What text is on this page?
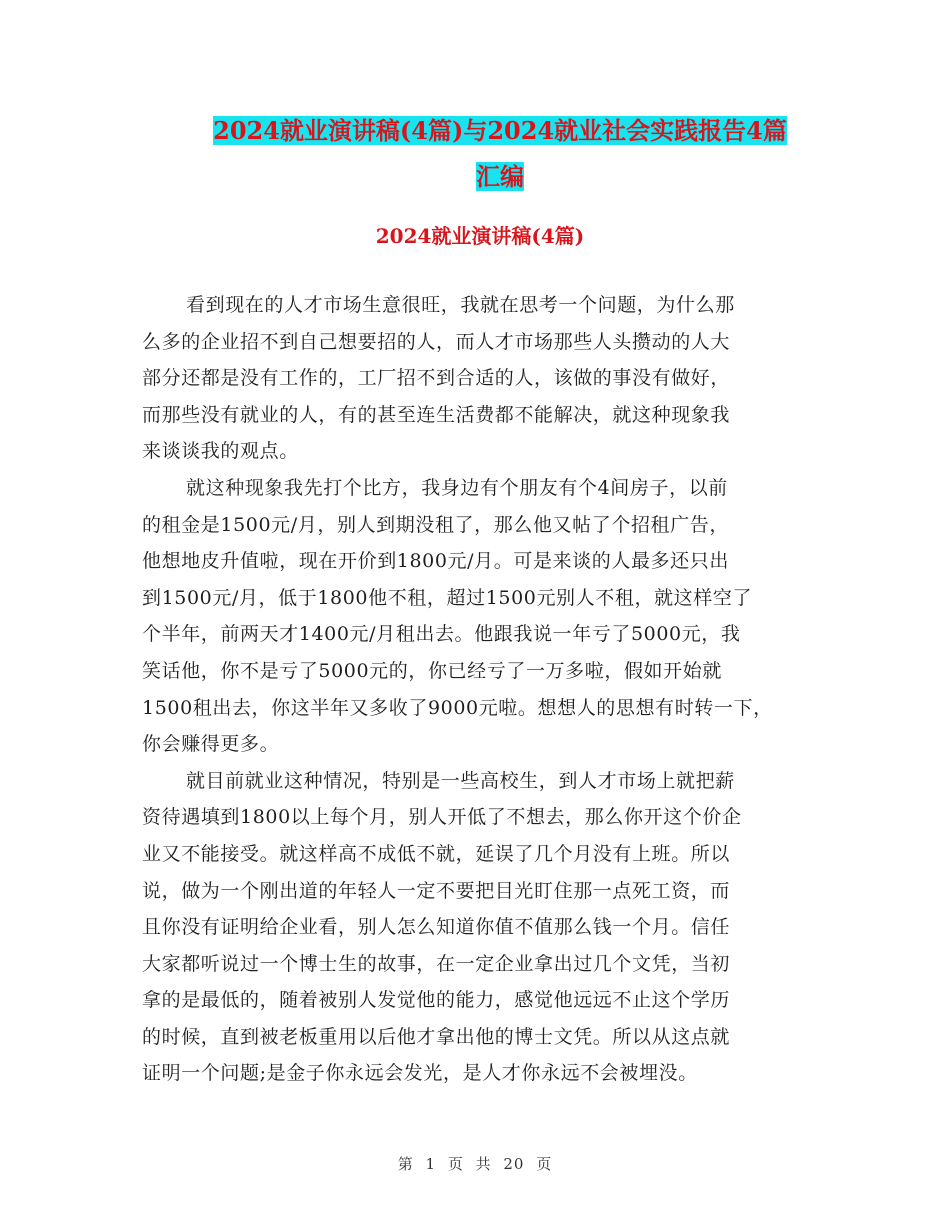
2024就业演讲稿(4篇)与2024就业社会实践报告4篇
汇编
2024就业演讲稿(4篇)

看到现在的人才市场生意很旺，我就在思考一个问题，为什么那
么多的企业招不到自己想要招的人，而人才市场那些人头攒动的人大
部分还都是没有工作的，工厂招不到合适的人，该做的事没有做好，
而那些没有就业的人，有的甚至连生活费都不能解决，就这种现象我
来谈谈我的观点。

就这种现象我先打个比方，我身边有个朋友有个4间房子，以前
的租金是1500元/月，别人到期没租了，那么他又帖了个招租广告，
他想地皮升值啦，现在开价到1800元/月。可是来谈的人最多还只出
到1500元/月，低于1800他不租，超过1500元别人不租，就这样空了
个半年，前两天才1400元/月租出去。他跟我说一年亏了5000元，我
笑话他，你不是亏了5000元的，你已经亏了一万多啦，假如开始就
1500租出去，你这半年又多收了9000元啦。想想人的思想有时转一下，
你会赚得更多。

就目前就业这种情况，特别是一些高校生，到人才市场上就把薪
资待遇填到1800以上每个月，别人开低了不想去，那么你开这个价企
业又不能接受。就这样高不成低不就，延误了几个月没有上班。所以
说，做为一个刚出道的年轻人一定不要把目光盯住那一点死工资，而
且你没有证明给企业看，别人怎么知道你值不值那么钱一个月。信任
大家都听说过一个博士生的故事，在一定企业拿出过几个文凭，当初
拿的是最低的，随着被别人发觉他的能力，感觉他远远不止这个学历
的时候，直到被老板重用以后他才拿出他的博士文凭。所以从这点就
证明一个问题;是金子你永远会发光，是人才你永远不会被埋没。

第 1 页 共 20 页
